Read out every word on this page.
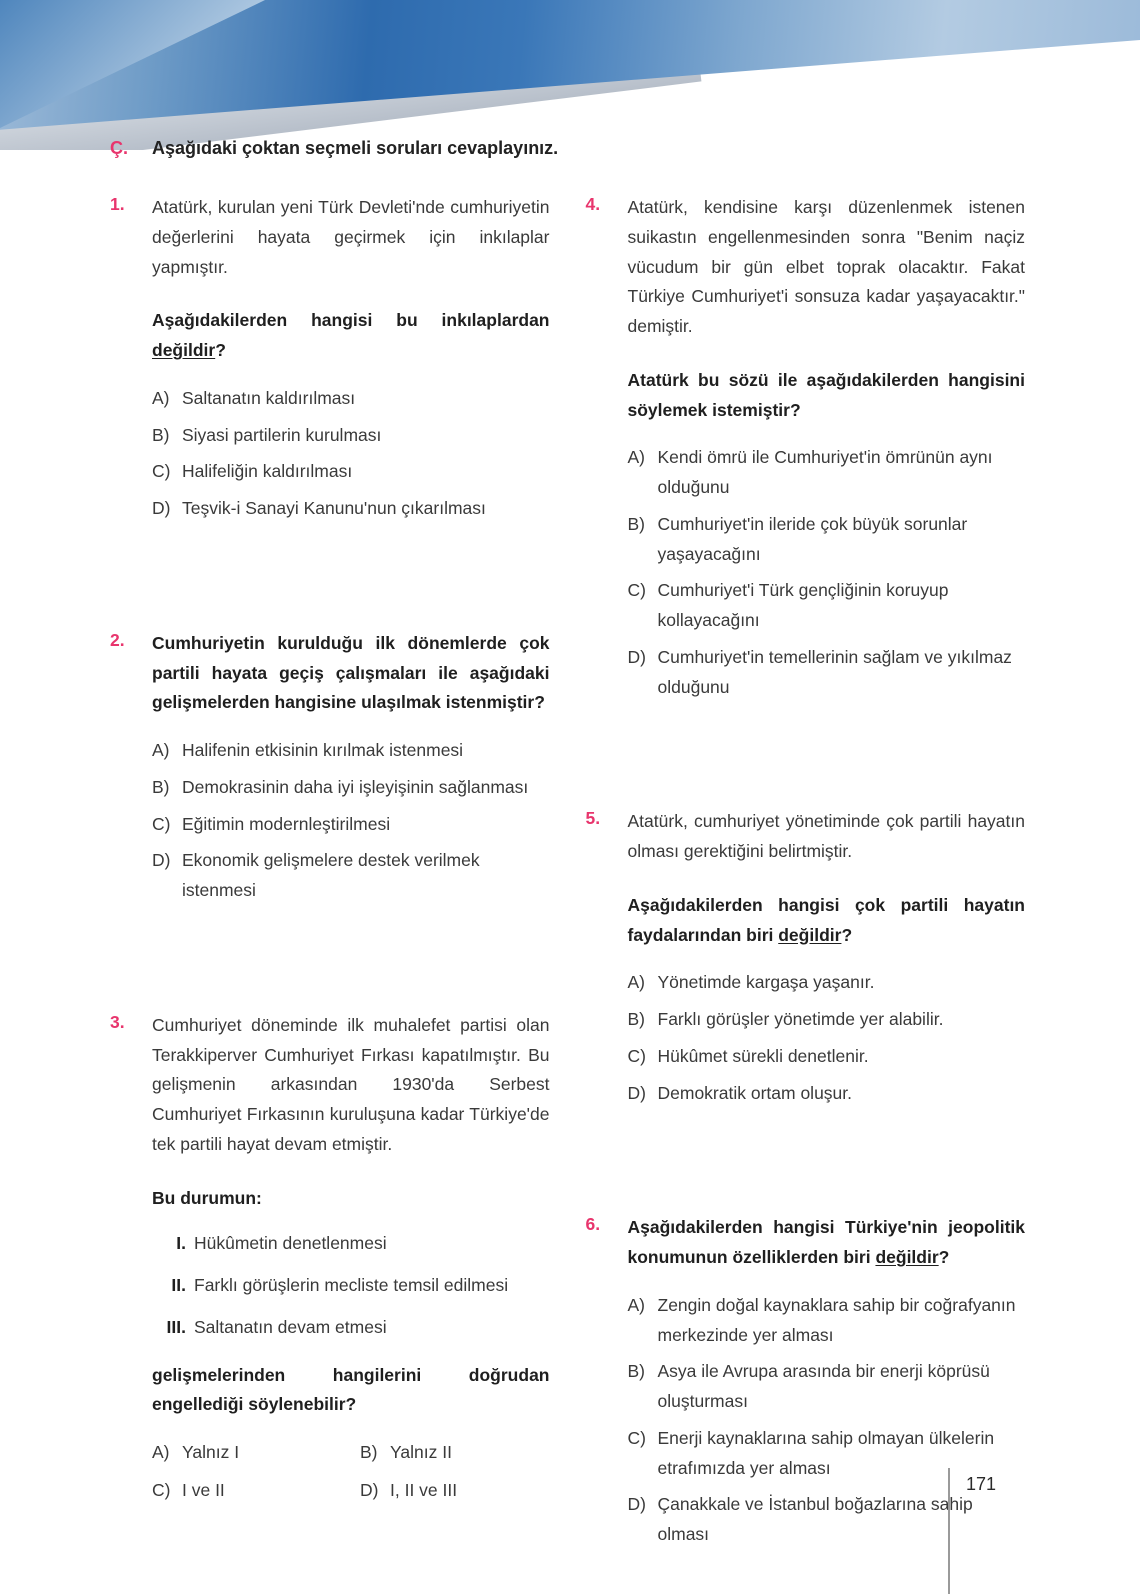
Ç.	Aşağıdaki çoktan seçmeli soruları cevaplayınız.
1.	Atatürk, kurulan yeni Türk Devleti'nde cumhuriyetin değerlerini hayata geçirmek için inkılaplar yapmıştır.

Aşağıdakilerden hangisi bu inkılaplardan değildir?

A) Saltanatın kaldırılması
B) Siyasi partilerin kurulması
C) Halifeliğin kaldırılması
D) Teşvik-i Sanayi Kanunu'nun çıkarılması
2.	Cumhuriyetin kurulduğu ilk dönemlerde çok partili hayata geçiş çalışmaları ile aşağıdaki gelişmelerden hangisine ulaşılmak istenmiştir?

A) Halifenin etkisinin kırılmak istenmesi
B) Demokrasinin daha iyi işleyişinin sağlanması
C) Eğitimin modernleştirilmesi
D) Ekonomik gelişmelere destek verilmek istenmesi
3.	Cumhuriyet döneminde ilk muhalefet partisi olan Terakkiperver Cumhuriyet Fırkası kapatılmıştır. Bu gelişmenin arkasından 1930'da Serbest Cumhuriyet Fırkasının kuruluşuna kadar Türkiye'de tek partili hayat devam etmiştir.

Bu durumun:

I. Hükûmetin denetlenmesi
II. Farklı görüşlerin mecliste temsil edilmesi
III. Saltanatın devam etmesi

gelişmelerinden hangilerini doğrudan engellediği söylenebilir?

A) Yalnız I	B) Yalnız II
C) I ve II	D) I, II ve III
4.	Atatürk, kendisine karşı düzenlenmek istenen suikastın engellenmesinden sonra "Benim naçiz vücudum bir gün elbet toprak olacaktır. Fakat Türkiye Cumhuriyet'i sonsuza kadar yaşayacaktır." demiştir.

Atatürk bu sözü ile aşağıdakilerden hangisini söylemek istemiştir?

A) Kendi ömrü ile Cumhuriyet'in ömrünün aynı olduğunu
B) Cumhuriyet'in ileride çok büyük sorunlar yaşayacağını
C) Cumhuriyet'i Türk gençliğinin koruyup kollayacağını
D) Cumhuriyet'in temellerinin sağlam ve yıkılmaz olduğunu
5.	Atatürk, cumhuriyet yönetiminde çok partili hayatın olması gerektiğini belirtmiştir.

Aşağıdakilerden hangisi çok partili hayatın faydalarından biri değildir?

A) Yönetimde kargaşa yaşanır.
B) Farklı görüşler yönetimde yer alabilir.
C) Hükûmet sürekli denetlenir.
D) Demokratik ortam oluşur.
6.	Aşağıdakilerden hangisi Türkiye'nin jeopolitik konumunun özelliklerden biri değildir?

A) Zengin doğal kaynaklara sahip bir coğrafyanın merkezinde yer alması
B) Asya ile Avrupa arasında bir enerji köprüsü oluşturması
C) Enerji kaynaklarına sahip olmayan ülkelerin etrafımızda yer alması
D) Çanakkale ve İstanbul boğazlarına sahip olması
171
